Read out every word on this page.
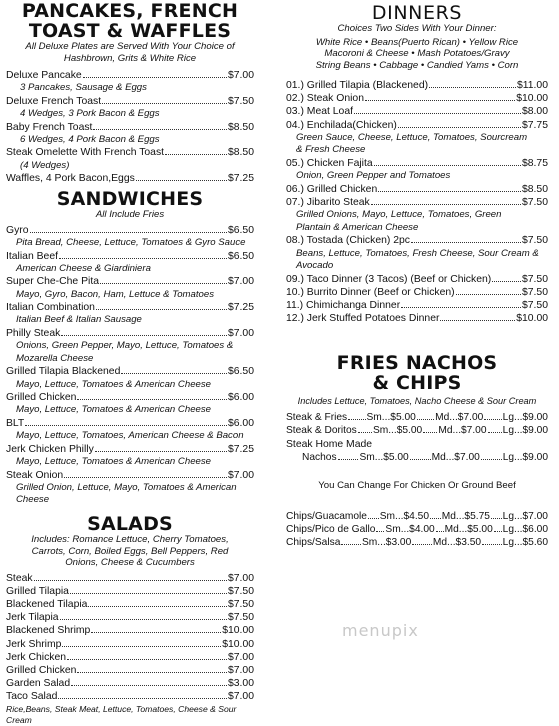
PANCAKES, FRENCH
TOAST & WAFFLES

All Deluxe Plates are Served With Your Choice of

Hashbrown, Grits & White Rice

Deluxe Pancake	$7.00

3 Pancakes, Sausage & Eggs

Deluxe French Toast	$7.50

4 Wedges, 3 Pork Bacon & Eggs

Baby French Toast	$8.50

6 Wedges, 4 Pork Bacon & Eggs

Steak Omelette With French Toast	$8.50

(4 Wedges)

Waffles, 4 Pork Bacon,Eggs	$7.25
SANDWICHES

All Include Fries

Gyro	$6.50

Pita Bread, Cheese, Lettuce, Tomatoes & Gyro Sauce

Italian Beef	$6.50

American Cheese & Giardiniera

Super Che-Che Pita	$7.00

Mayo, Gyro, Bacon, Ham, Lettuce & Tomatoes

Italian Combination	$7.25

Italian Beef & Italian Sausage

Philly Steak	$7.00

Onions, Green Pepper, Mayo, Lettuce, Tomatoes &

Mozarella Cheese

Grilled Tilapia Blackened	$6.50

Mayo, Lettuce, Tomatoes & American Cheese

Grilled Chicken	$6.00

Mayo, Lettuce, Tomatoes & American Cheese

BLT	$6.00

Mayo, Lettuce, Tomatoes, American Cheese & Bacon

Jerk Chicken Philly	$7.25

Mayo, Lettuce, Tomatoes & American Cheese

Steak Onion	$7.00

Grilled Onion, Lettuce, Mayo, Tomatoes & American

Cheese

SALADS

Includes: Romance Lettuce, Cherry Tomatoes,

Carrots, Corn, Boiled Eggs, Bell Peppers, Red

Onions, Cheese & Cucumbers

Steak	$7.00
Grilled Tilapia	$7.50
Blackened Tilapia	$7.50
Jerk Tilapia	$7.50
Blackened Shrimp	$10.00
Jerk Shrimp	$10.00
Jerk Chicken	$7.00
Grilled Chicken	$7.00
Garden Salad	$3.00
Taco Salad	$7.00

Rice,Beans, Steak Meat, Lettuce, Tomatoes, Cheese & Sour Cream

DINNERS

Choices Two Sides With Your Dinner:

White Rice • Beans(Puerto Rican) • Yellow Rice

Macoroni & Cheese • Mash Potatoes/Gravy

String Beans • Cabbage • Candied Yams • Corn

01.) Grilled Tilapia (Blackened)	$11.00
02.) Steak Onion	$10.00
03.) Meat Loaf	$8.00
04.) Enchilada(Chicken)	$7.75

Green Sauce, Cheese, Lettuce, Tomatoes, Sourcream

& Fresh Cheese

05.) Chicken Fajita	$8.75

Onion, Green Pepper and Tomatoes

06.) Grilled Chicken	$8.50
07.) Jibarito Steak	$7.50

Grilled Onions, Mayo, Lettuce, Tomatoes, Green

Plantain & American Cheese

08.) Tostada (Chicken) 2pc	$7.50

Beans, Lettuce, Tomatoes, Fresh Cheese, Sour Cream &

Avocado

09.) Taco Dinner (3 Tacos) (Beef or Chicken)	$7.50
10.) Burrito Dinner (Beef or Chicken)	$7.50
11.) Chimichanga Dinner	$7.50
12.) Jerk Stuffed Potatoes Dinner	$10.00
FRIES NACHOS
& CHIPS

Includes Lettuce, Tomatoes, Nacho Cheese & Sour Cream

Steak & Fries Sm...$5.00 Md...$7.00 Lg...$9.00
Steak & Doritos Sm...$5.00 Md...$7.00 Lg...$9.00
Steak Home Made
Nachos Sm...$5.00 Md...$7.00 Lg...$9.00

You Can Change For Chicken Or Ground Beef

Chips/Guacamole Sm...$4.50 Md...$5.75 Lg...$7.00
Chips/Pico de Gallo Sm...$4.00 Md...$5.00 Lg...$6.00
Chips/Salsa Sm...$3.00 Md...$3.50 Lg...$5.60
menupix
